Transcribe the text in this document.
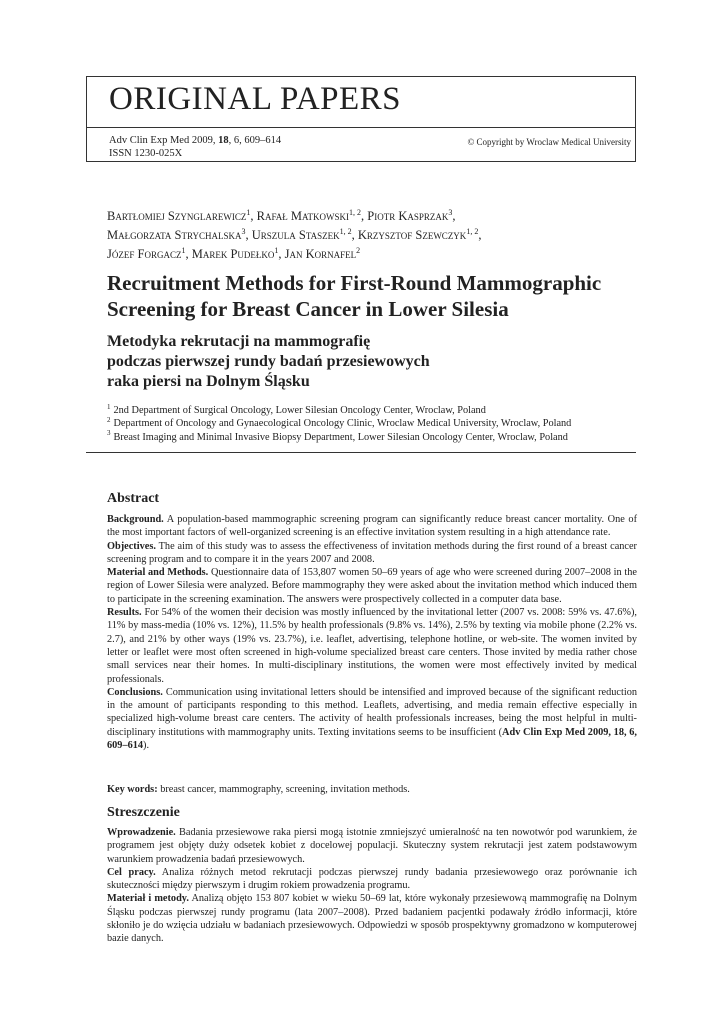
ORIGINAL PAPERS
Adv Clin Exp Med 2009, 18, 6, 609–614
ISSN 1230-025X
© Copyright by Wroclaw Medical University
Bartłomiej Szynglarewicz$^1$, Rafał Matkowski$^{1, 2}$, Piotr Kasprzak$^3$,
Małgorzata Strychalska$^3$, Urszula Staszek$^{1, 2}$, Krzysztof Szewczyk$^{1, 2}$,
Józef Forgacz$^1$, Marek Pudełko$^1$, Jan Kornafel$^2$
Recruitment Methods for First-Round Mammographic
Screening for Breast Cancer in Lower Silesia
Metodyka rekrutacji na mammografię
podczas pierwszej rundy badań przesiewowych
raka piersi na Dolnym Śląsku
$^1$ 2nd Department of Surgical Oncology, Lower Silesian Oncology Center, Wroclaw, Poland
$^2$ Department of Oncology and Gynaecological Oncology Clinic, Wroclaw Medical University, Wroclaw, Poland
$^3$ Breast Imaging and Minimal Invasive Biopsy Department, Lower Silesian Oncology Center, Wroclaw, Poland
Abstract

Background. A population-based mammographic screening program can significantly reduce breast cancer mortality. One of the most important factors of well-organized screening is an effective invitation system resulting in a high attendance rate.

Objectives. The aim of this study was to assess the effectiveness of invitation methods during the first round of a breast cancer screening program and to compare it in the years 2007 and 2008.

Material and Methods. Questionnaire data of 153,807 women 50–69 years of age who were screened during 2007–2008 in the region of Lower Silesia were analyzed. Before mammography they were asked about the invitation method which induced them to participate in the screening examination. The answers were prospectively collected in a computer data base.

Results. For 54% of the women their decision was mostly influenced by the invitational letter (2007 vs. 2008: 59% vs. 47.6%), 11% by mass-media (10% vs. 12%), 11.5% by health professionals (9.8% vs. 14%), 2.5% by texting via mobile phone (2.2% vs. 2.7), and 21% by other ways (19% vs. 23.7%), i.e. leaflet, advertising, telephone hotline, or web-site. The women invited by letter or leaflet were most often screened in high-volume specialized breast care centers. Those invited by media rather chose small services near their homes. In multi-disciplinary institutions, the women were most effectively invited by medical professionals.

Conclusions. Communication using invitational letters should be intensified and improved because of the significant reduction in the amount of participants responding to this method. Leaflets, advertising, and media remain effective especially in specialized high-volume breast care centers. The activity of health professionals increases, being the most helpful in multi-disciplinary institutions with mammography units. Texting invitations seems to be insufficient (Adv Clin Exp Med 2009, 18, 6, 609–614).

Key words: breast cancer, mammography, screening, invitation methods.
Streszczenie

Wprowadzenie. Badania przesiewowe raka piersi mogą istotnie zmniejszyć umieralność na ten nowotwór pod warunkiem, że programem jest objęty duży odsetek kobiet z docelowej populacji. Skuteczny system rekrutacji jest zatem podstawowym warunkiem prowadzenia badań przesiewowych.

Cel pracy. Analiza różnych metod rekrutacji podczas pierwszej rundy badania przesiewowego oraz porównanie ich skuteczności między pierwszym i drugim rokiem prowadzenia programu.

Materiał i metody. Analizą objęto 153 807 kobiet w wieku 50–69 lat, które wykonały przesiewową mammografię na Dolnym Śląsku podczas pierwszej rundy programu (lata 2007–2008). Przed badaniem pacjentki podawały źródło informacji, które skłoniło je do wzięcia udziału w badaniach przesiewowych. Odpowiedzi w sposób prospektywny gromadzono w komputerowej bazie danych.
